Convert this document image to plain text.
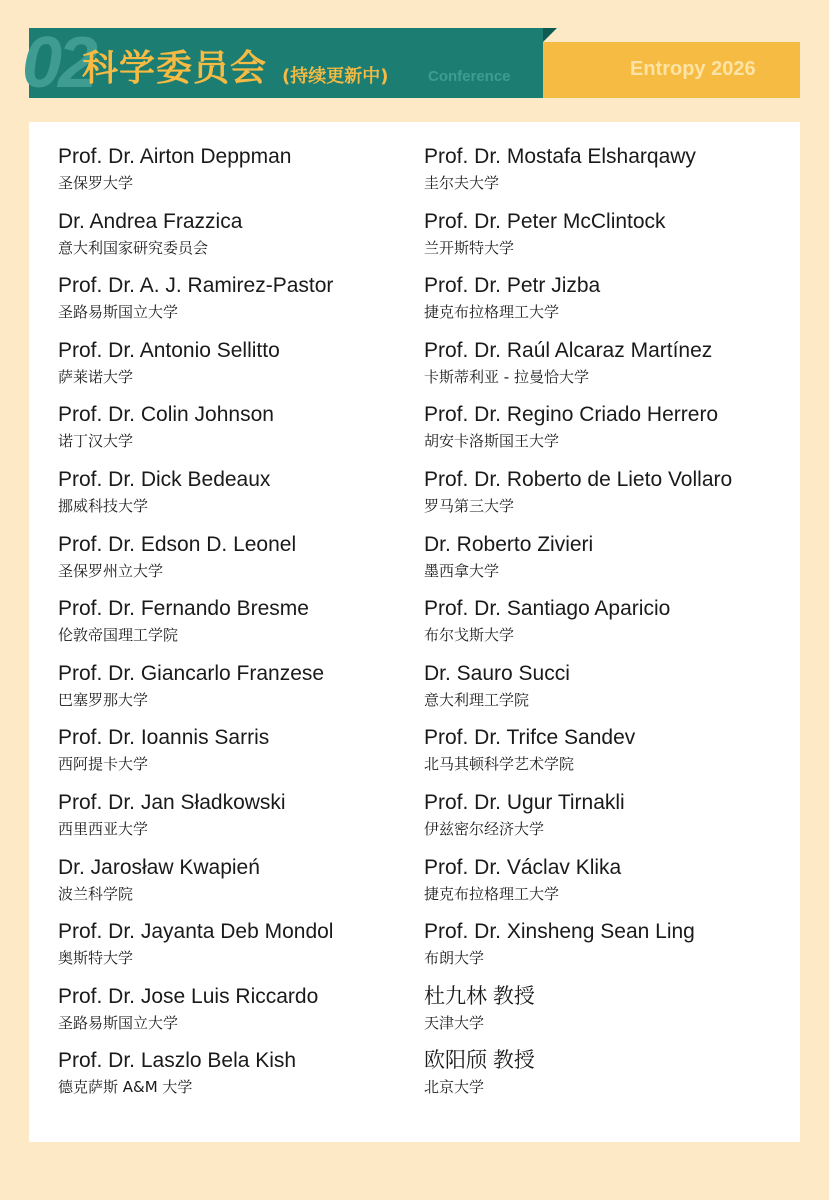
02
科学委员会 (持续更新中)	Conference	Entropy 2026
Prof. Dr. Airton Deppman
圣保罗大学
Dr. Andrea Frazzica
意大利国家研究委员会
Prof. Dr. A. J. Ramirez-Pastor
圣路易斯国立大学
Prof. Dr. Antonio Sellitto
萨莱诺大学
Prof. Dr. Colin Johnson
诺丁汉大学
Prof. Dr. Dick Bedeaux
挪威科技大学
Prof. Dr. Edson D. Leonel
圣保罗州立大学
Prof. Dr. Fernando Bresme
伦敦帝国理工学院
Prof. Dr. Giancarlo Franzese
巴塞罗那大学
Prof. Dr. Ioannis Sarris
西阿提卡大学
Prof. Dr. Jan Sładkowski
西里西亚大学
Dr. Jarosław Kwapień
波兰科学院
Prof. Dr. Jayanta Deb Mondol
奥斯特大学
Prof. Dr. Jose Luis Riccardo
圣路易斯国立大学
Prof. Dr. Laszlo Bela Kish
德克萨斯 A&M 大学
Prof. Dr. Mostafa Elsharqawy
圭尔夫大学
Prof. Dr. Peter McClintock
兰开斯特大学
Prof. Dr. Petr Jizba
捷克布拉格理工大学
Prof. Dr. Raúl Alcaraz Martínez
卡斯蒂利亚 - 拉曼恰大学
Prof. Dr. Regino Criado Herrero
胡安卡洛斯国王大学
Prof. Dr. Roberto de Lieto Vollaro
罗马第三大学
Dr. Roberto Zivieri
墨西拿大学
Prof. Dr. Santiago Aparicio
布尔戈斯大学
Dr. Sauro Succi
意大利理工学院
Prof. Dr. Trifce Sandev
北马其顿科学艺术学院
Prof. Dr. Ugur Tirnakli
伊兹密尔经济大学
Prof. Dr. Václav Klika
捷克布拉格理工大学
Prof. Dr. Xinsheng Sean Ling
布朗大学
杜九林 教授
天津大学
欧阳颀 教授
北京大学
